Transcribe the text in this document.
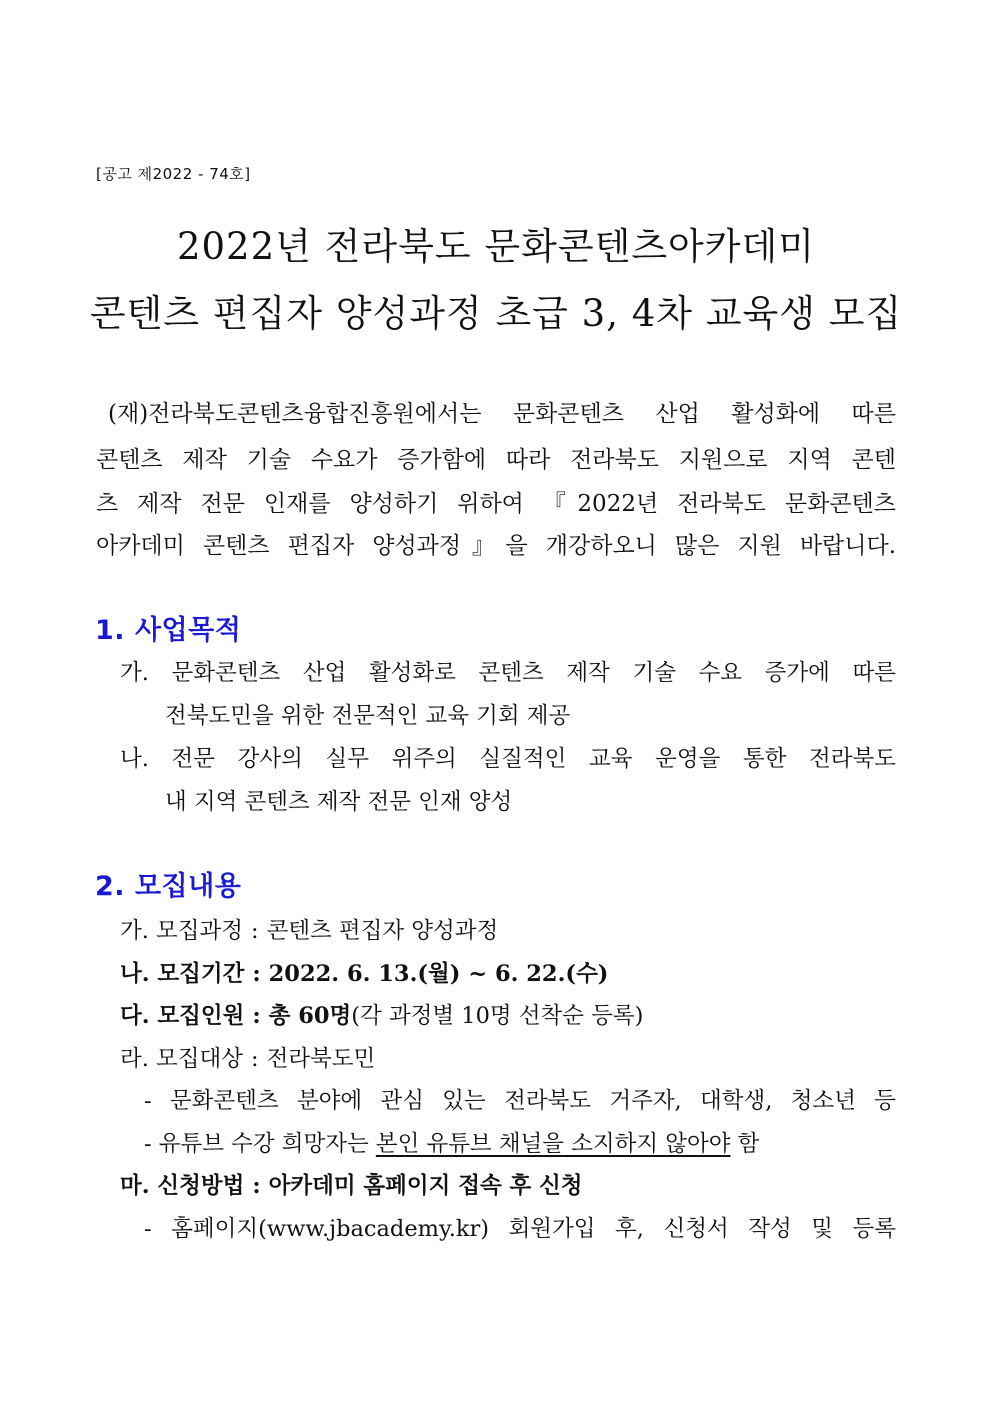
[공고 제2022 - 74호]
2022년 전라북도 문화콘텐츠아카데미
콘텐츠 편집자 양성과정 초급 3, 4차 교육생 모집
(재)전라북도콘텐츠융합진흥원에서는 문화콘텐츠 산업 활성화에 따른
콘텐츠 제작 기술 수요가 증가함에 따라 전라북도 지원으로 지역 콘텐
츠 제작 전문 인재를 양성하기 위하여 『2022년 전라북도 문화콘텐츠
아카데미 콘텐츠 편집자 양성과정』을 개강하오니 많은 지원 바랍니다.
1. 사업목적
가. 문화콘텐츠 산업 활성화로 콘텐츠 제작 기술 수요 증가에 따른
전북도민을 위한 전문적인 교육 기회 제공
나. 전문 강사의 실무 위주의 실질적인 교육 운영을 통한 전라북도
내 지역 콘텐츠 제작 전문 인재 양성
2. 모집내용
가. 모집과정 : 콘텐츠 편집자 양성과정
나. 모집기간 : 2022. 6. 13.(월) ~ 6. 22.(수)
다. 모집인원 : 총 60명(각 과정별 10명 선착순 등록)
라. 모집대상 : 전라북도민
- 문화콘텐츠 분야에 관심 있는 전라북도 거주자, 대학생, 청소년 등
- 유튜브 수강 희망자는 본인 유튜브 채널을 소지하지 않아야 함
마. 신청방법 : 아카데미 홈페이지 접속 후 신청
- 홈페이지(www.jbacademy.kr) 회원가입 후, 신청서 작성 및 등록
